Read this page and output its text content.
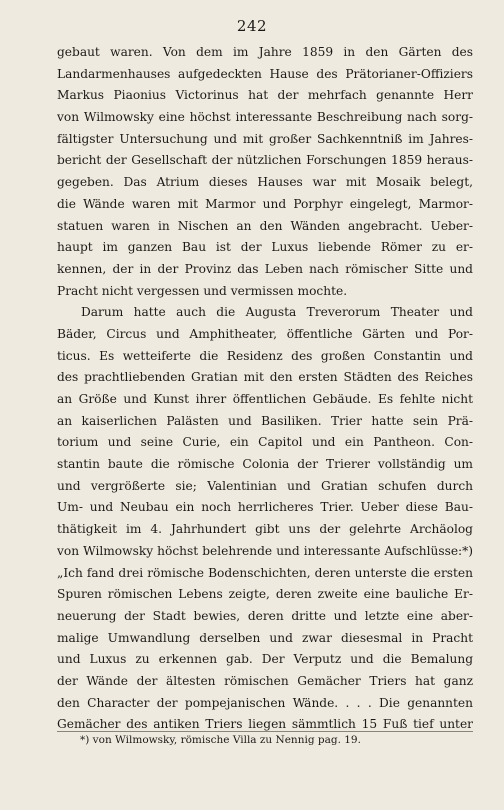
242
gebaut waren. Von dem im Jahre 1859 in den Gärten des
Landarmenhauses aufgedeckten Hause des Prätorianer-Offiziers
Markus Piaonius Victorinus hat der mehrfach genannte Herr
von Wilmowsky eine höchst interessante Beschreibung nach sorg-
fältigster Untersuchung und mit großer Sachkenntniß im Jahres-
bericht der Gesellschaft der nützlichen Forschungen 1859 heraus-
gegeben. Das Atrium dieses Hauses war mit Mosaik belegt,
die Wände waren mit Marmor und Porphyr eingelegt, Marmor-
statuen waren in Nischen an den Wänden angebracht. Ueber-
haupt im ganzen Bau ist der Luxus liebende Römer zu er-
kennen, der in der Provinz das Leben nach römischer Sitte und
Pracht nicht vergessen und vermissen mochte.
Darum hatte auch die Augusta Treverorum Theater und
Bäder, Circus und Amphitheater, öffentliche Gärten und Por-
ticus. Es wetteiferte die Residenz des großen Constantin und
des prachtliebenden Gratian mit den ersten Städten des Reiches
an Größe und Kunst ihrer öffentlichen Gebäude. Es fehlte nicht
an kaiserlichen Palästen und Basiliken. Trier hatte sein Prä-
torium und seine Curie, ein Capitol und ein Pantheon. Con-
stantin baute die römische Colonia der Trierer vollständig um
und vergrößerte sie; Valentinian und Gratian schufen durch
Um- und Neubau ein noch herrlicheres Trier. Ueber diese Bau-
thätigkeit im 4. Jahrhundert gibt uns der gelehrte Archäolog
von Wilmowsky höchst belehrende und interessante Aufschlüsse:*)
„Ich fand drei römische Bodenschichten, deren unterste die ersten
Spuren römischen Lebens zeigte, deren zweite eine bauliche Er-
neuerung der Stadt bewies, deren dritte und letzte eine aber-
malige Umwandlung derselben und zwar diesesmal in Pracht
und Luxus zu erkennen gab. Der Verputz und die Bemalung
der Wände der ältesten römischen Gemächer Triers hat ganz
den Character der pompejanischen Wände. . . . Die genannten
Gemächer des antiken Triers liegen sämmtlich 15 Fuß tief unter
*) von Wilmowsky, römische Villa zu Nennig pag. 19.
